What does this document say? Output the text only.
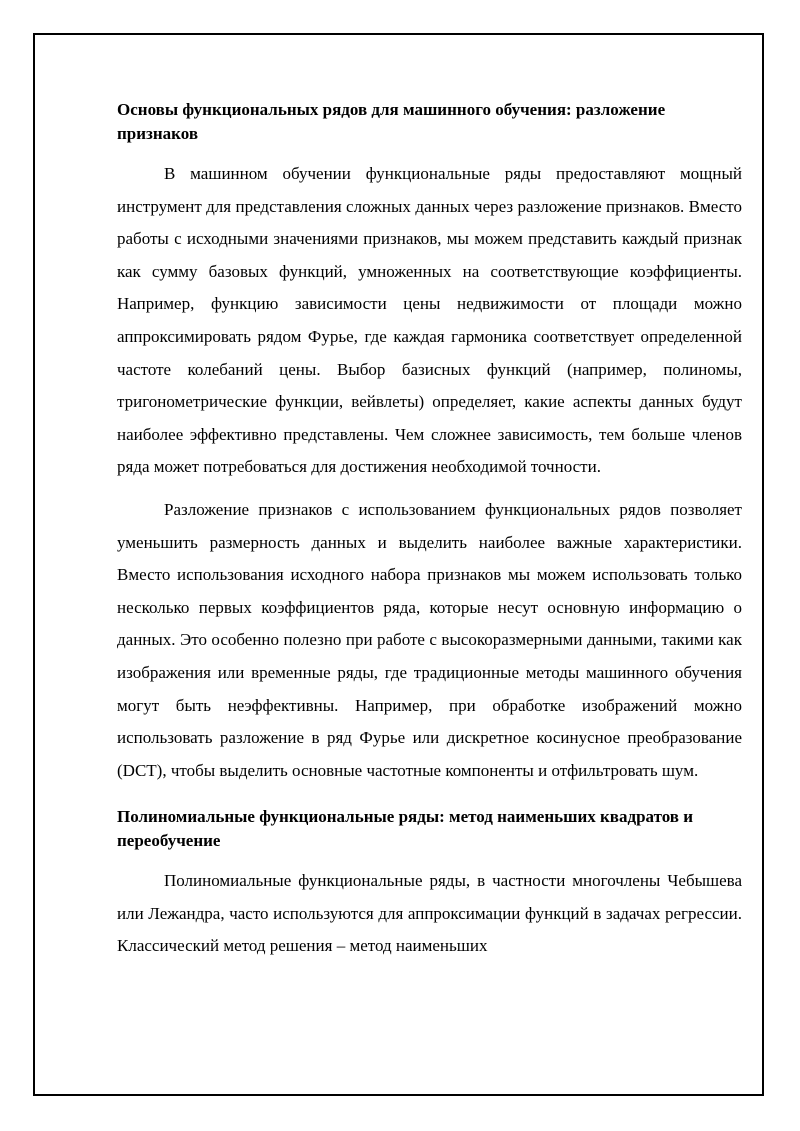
Основы функциональных рядов для машинного обучения: разложение признаков

В машинном обучении функциональные ряды предоставляют мощный инструмент для представления сложных данных через разложение признаков. Вместо работы с исходными значениями признаков, мы можем представить каждый признак как сумму базовых функций, умноженных на соответствующие коэффициенты. Например, функцию зависимости цены недвижимости от площади можно аппроксимировать рядом Фурье, где каждая гармоника соответствует определенной частоте колебаний цены. Выбор базисных функций (например, полиномы, тригонометрические функции, вейвлеты) определяет, какие аспекты данных будут наиболее эффективно представлены. Чем сложнее зависимость, тем больше членов ряда может потребоваться для достижения необходимой точности.

Разложение признаков с использованием функциональных рядов позволяет уменьшить размерность данных и выделить наиболее важные характеристики. Вместо использования исходного набора признаков мы можем использовать только несколько первых коэффициентов ряда, которые несут основную информацию о данных. Это особенно полезно при работе с высокоразмерными данными, такими как изображения или временные ряды, где традиционные методы машинного обучения могут быть неэффективны. Например, при обработке изображений можно использовать разложение в ряд Фурье или дискретное косинусное преобразование (DCT), чтобы выделить основные частотные компоненты и отфильтровать шум.

Полиномиальные функциональные ряды: метод наименьших квадратов и переобучение

Полиномиальные функциональные ряды, в частности многочлены Чебышева или Лежандра, часто используются для аппроксимации функций в задачах регрессии. Классический метод решения – метод наименьших
